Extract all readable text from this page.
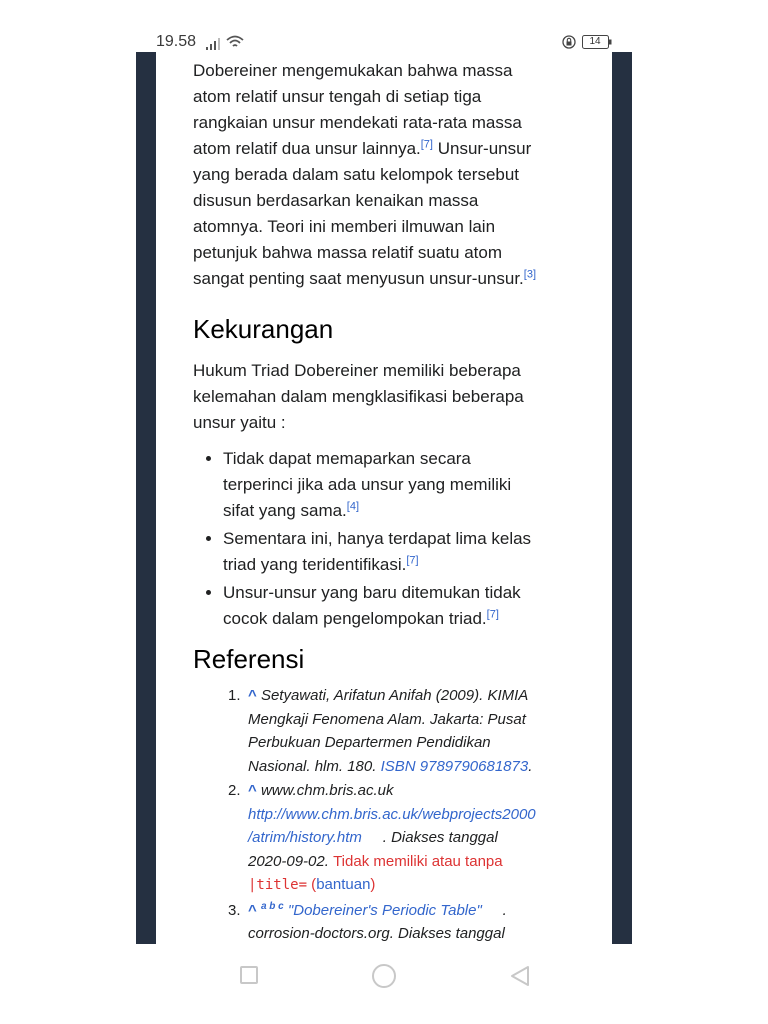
19.58	14
Dobereiner mengemukakan bahwa massa
atom relatif unsur tengah di setiap tiga
rangkaian unsur mendekati rata-rata massa
atom relatif dua unsur lainnya.[7] Unsur-unsur
yang berada dalam satu kelompok tersebut
disusun berdasarkan kenaikan massa
atomnya. Teori ini memberi ilmuwan lain
petunjuk bahwa massa relatif suatu atom
sangat penting saat menyusun unsur-unsur.[3]
Kekurangan
Hukum Triad Dobereiner memiliki beberapa
kelemahan dalam mengklasifikasi beberapa
unsur yaitu :
• Tidak dapat memaparkan secara
terperinci jika ada unsur yang memiliki
sifat yang sama.[4]
• Sementara ini, hanya terdapat lima kelas
triad yang teridentifikasi.[7]
• Unsur-unsur yang baru ditemukan tidak
cocok dalam pengelompokan triad.[7]
Referensi
1. ^ Setyawati, Arifatun Anifah (2009). KIMIA
Mengkaji Fenomena Alam. Jakarta: Pusat
Perbukuan Departermen Pendidikan
Nasional. hlm. 180. ISBN 9789790681873.
2. ^ www.chm.bris.ac.uk
http://www.chm.bris.ac.uk/webprojects2000
/atrim/history.htm . Diakses tanggal
2020-09-02. Tidak memiliki atau tanpa
|title= (bantuan)
3. ^ $^{a b c}$ "Dobereiner's Periodic Table" .
corrosion-doctors.org. Diakses tanggal
